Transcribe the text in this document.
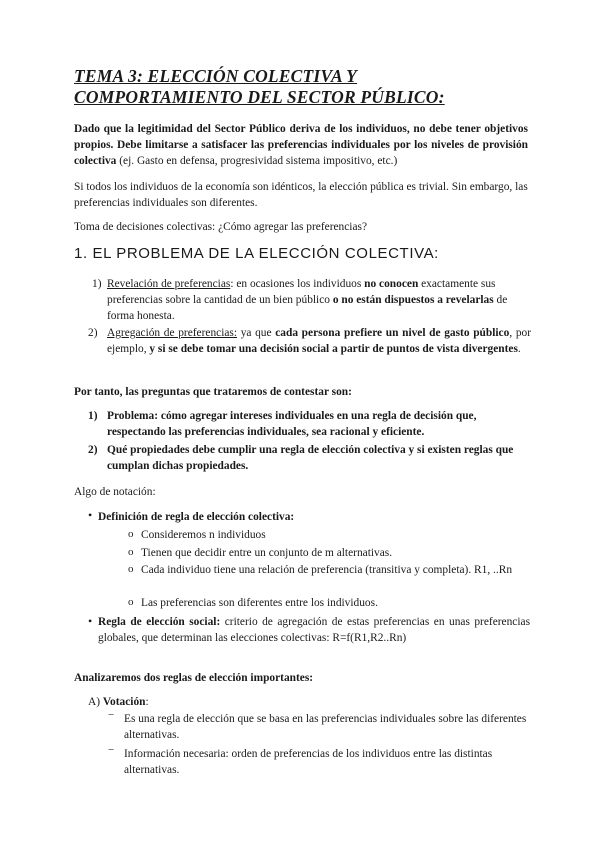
TEMA 3: ELECCIÓN COLECTIVA Y
COMPORTAMIENTO DEL SECTOR PÚBLICO:
Dado que la legitimidad del Sector Público deriva de los individuos, no debe tener objetivos propios. Debe limitarse a satisfacer las preferencias individuales por los niveles de provisión colectiva (ej. Gasto en defensa, progresividad sistema impositivo, etc.)
Si todos los individuos de la economía son idénticos, la elección pública es trivial. Sin embargo, las preferencias individuales son diferentes.
Toma de decisiones colectivas: ¿Cómo agregar las preferencias?
1. EL PROBLEMA DE LA ELECCIÓN COLECTIVA:
1) Revelación de preferencias: en ocasiones los individuos no conocen exactamente sus preferencias sobre la cantidad de un bien público o no están dispuestos a revelarlas de forma honesta.
2) Agregación de preferencias: ya que cada persona prefiere un nivel de gasto público, por ejemplo, y si se debe tomar una decisión social a partir de puntos de vista divergentes.
Por tanto, las preguntas que trataremos de contestar son:
1) Problema: cómo agregar intereses individuales en una regla de decisión que, respectando las preferencias individuales, sea racional y eficiente.
2) Qué propiedades debe cumplir una regla de elección colectiva y si existen reglas que cumplan dichas propiedades.
Algo de notación:
• Definición de regla de elección colectiva:
o Consideremos n individuos
o Tienen que decidir entre un conjunto de m alternativas.
o Cada individuo tiene una relación de preferencia (transitiva y completa). R1, ..Rn
o Las preferencias son diferentes entre los individuos.
• Regla de elección social: criterio de agregación de estas preferencias en unas preferencias globales, que determinan las elecciones colectivas: R=f(R1,R2..Rn)
Analizaremos dos reglas de elección importantes:
A) Votación:
− Es una regla de elección que se basa en las preferencias individuales sobre las diferentes alternativas.
− Información necesaria: orden de preferencias de los individuos entre las distintas alternativas.
